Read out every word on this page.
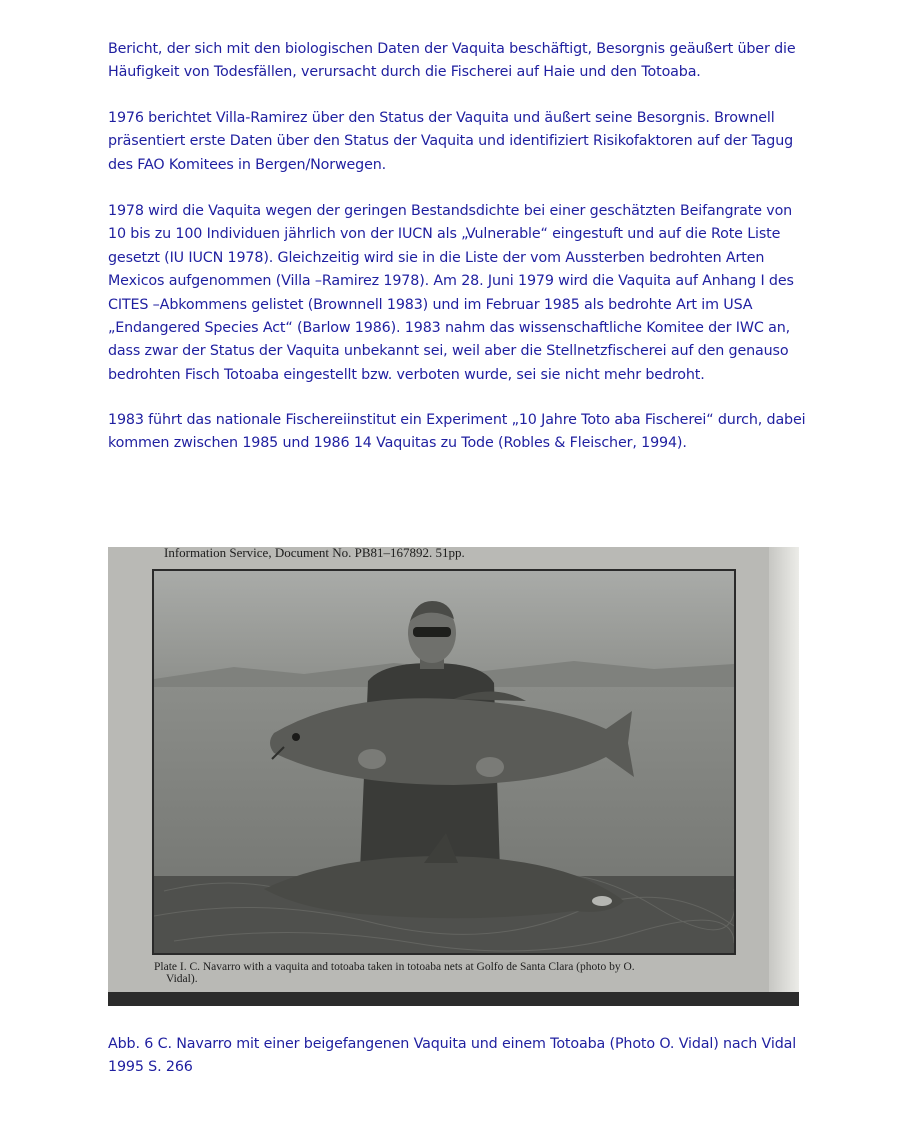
Bericht, der sich mit den biologischen Daten der Vaquita beschäftigt, Besorgnis geäußert über die Häufigkeit von Todesfällen, verursacht durch die Fischerei auf Haie und den Totoaba.

1976 berichtet Villa-Ramirez über den Status der Vaquita und äußert seine Besorgnis. Brownell präsentiert erste Daten über den Status der Vaquita und identifiziert Risikofaktoren auf der Tagug des FAO Komitees in Bergen/Norwegen.

1978 wird die Vaquita wegen der geringen Bestandsdichte bei einer geschätzten Beifangrate von 10 bis zu 100 Individuen jährlich von der IUCN als „Vulnerable“ eingestuft und auf die Rote Liste gesetzt (IU IUCN 1978). Gleichzeitig wird sie in die Liste der vom Aussterben bedrohten Arten Mexicos aufgenommen (Villa –Ramirez 1978). Am 28. Juni 1979 wird die Vaquita auf Anhang I des CITES –Abkommens gelistet (Brownnell 1983) und im Februar 1985 als bedrohte Art im USA „Endangered Species Act“ (Barlow 1986). 1983 nahm das wissenschaftliche Komitee der IWC an, dass zwar der Status der Vaquita unbekannt sei, weil aber die Stellnetzfischerei auf den genauso bedrohten Fisch Totoaba eingestellt bzw. verboten wurde, sei sie nicht mehr bedroht.

1983 führt das nationale Fischereiinstitut ein Experiment „10 Jahre Toto aba Fischerei“ durch, dabei kommen zwischen 1985 und 1986 14 Vaquitas zu Tode (Robles & Fleischer, 1994).

Information Service, Document No. PB81–167892. 51pp.
Plate I. C. Navarro with a vaquita and totoaba taken in totoaba nets at Golfo de Santa Clara (photo by O.
Vidal).

Abb. 6 C. Navarro mit einer beigefangenen Vaquita und einem Totoaba (Photo O. Vidal) nach Vidal 1995 S. 266
